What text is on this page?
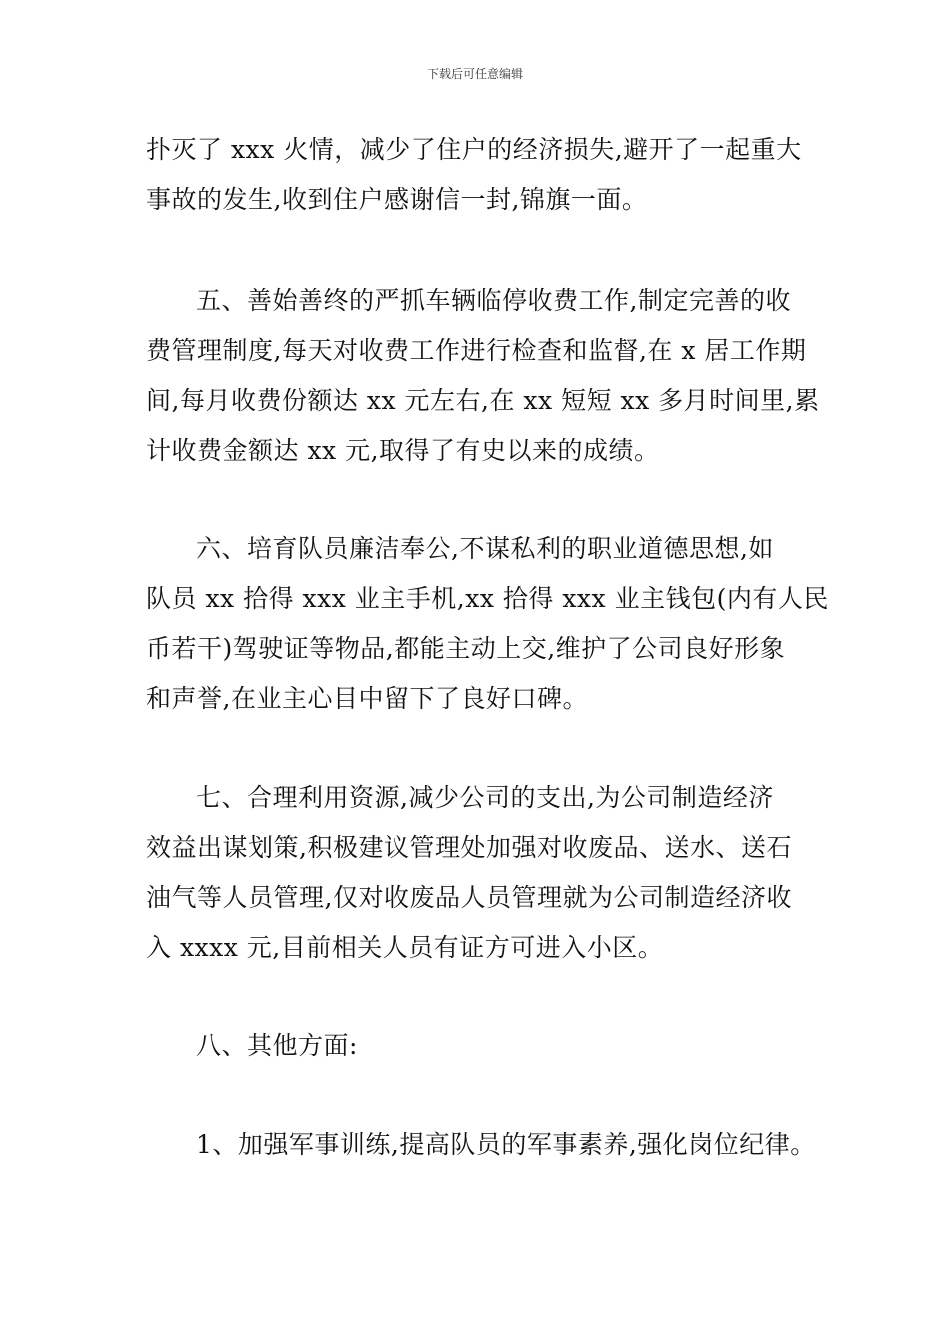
下载后可任意编辑
扑灭了 xxx 火情，减少了住户的经济损失,避开了一起重大
事故的发生,收到住户感谢信一封,锦旗一面。
五、善始善终的严抓车辆临停收费工作,制定完善的收
费管理制度,每天对收费工作进行检查和监督,在 x 居工作期
间,每月收费份额达 xx 元左右,在 xx 短短 xx 多月时间里,累
计收费金额达 xx 元,取得了有史以来的成绩。
六、培育队员廉洁奉公,不谋私利的职业道德思想,如
队员 xx 拾得 xxx 业主手机,xx 拾得 xxx 业主钱包(内有人民
币若干)驾驶证等物品,都能主动上交,维护了公司良好形象
和声誉,在业主心目中留下了良好口碑。
七、合理利用资源,减少公司的支出,为公司制造经济
效益出谋划策,积极建议管理处加强对收废品、送水、送石
油气等人员管理,仅对收废品人员管理就为公司制造经济收
入 xxxx 元,目前相关人员有证方可进入小区。
八、其他方面:
1、加强军事训练,提高队员的军事素养,强化岗位纪律。
